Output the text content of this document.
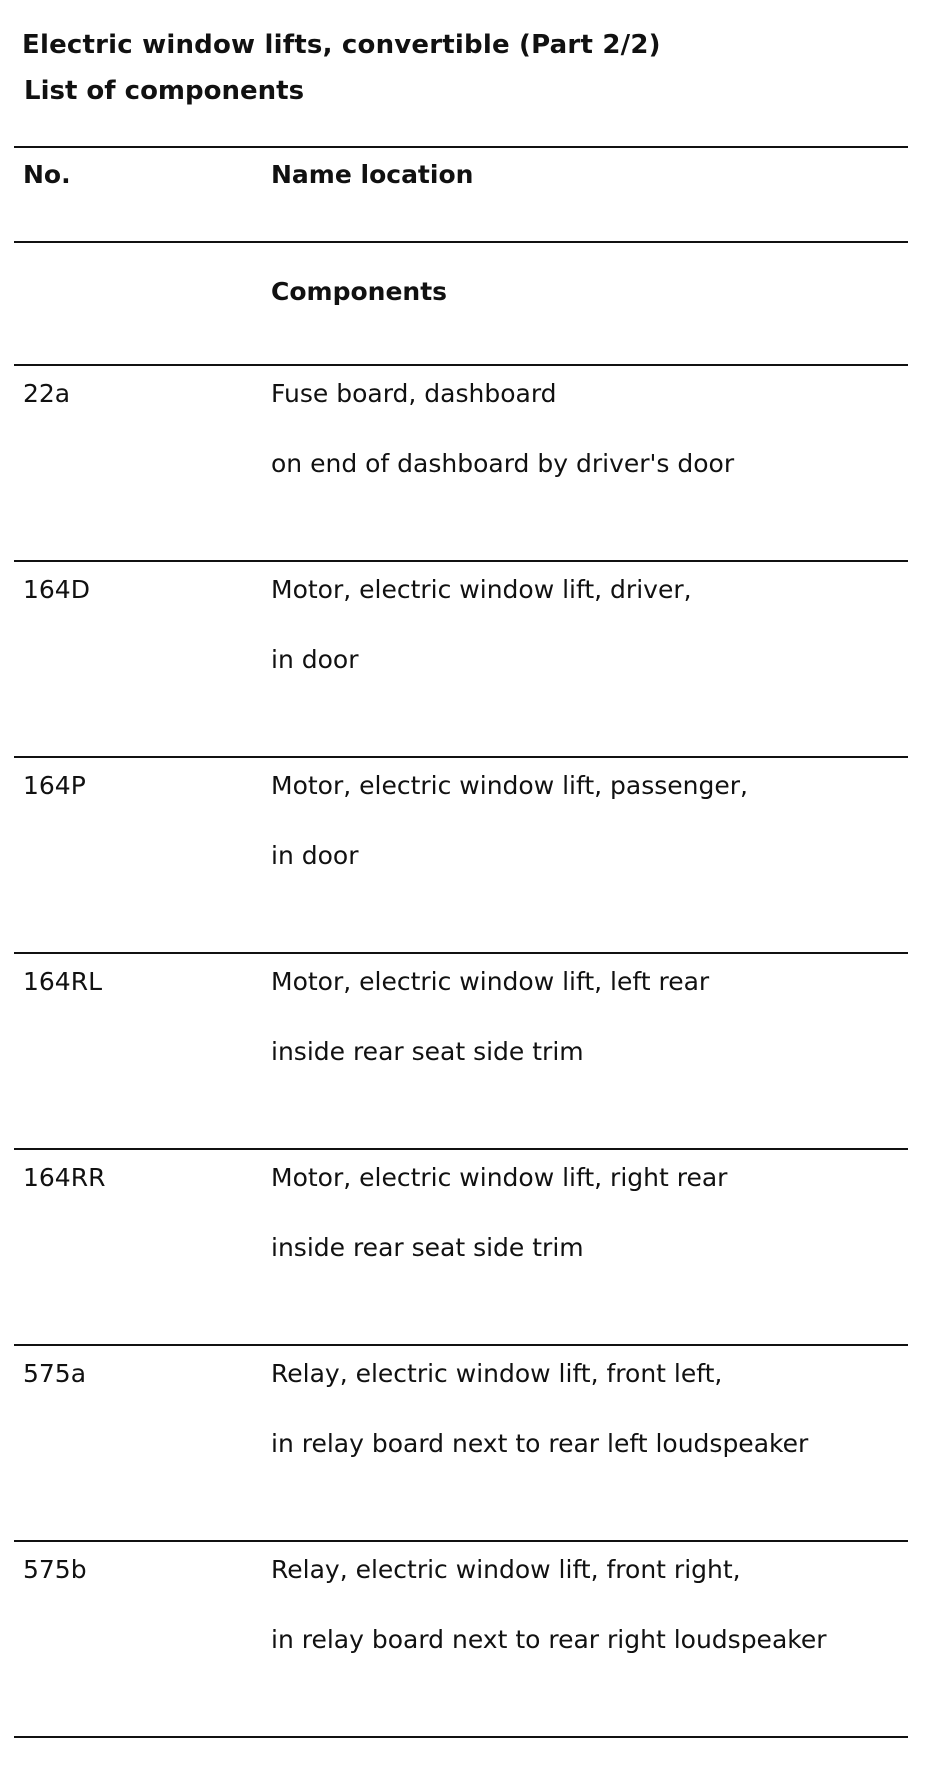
Electric window lifts, convertible (Part 2/2)
List of components
No.	Name location
Components
22a	Fuse board, dashboard
on end of dashboard by driver's door
164D	Motor, electric window lift, driver,
in door
164P	Motor, electric window lift, passenger,
in door
164RL	Motor, electric window lift, left rear
inside rear seat side trim
164RR	Motor, electric window lift, right rear
inside rear seat side trim
575a	Relay, electric window lift, front left,
in relay board next to rear left loudspeaker
575b	Relay, electric window lift, front right,
in relay board next to rear right loudspeaker
